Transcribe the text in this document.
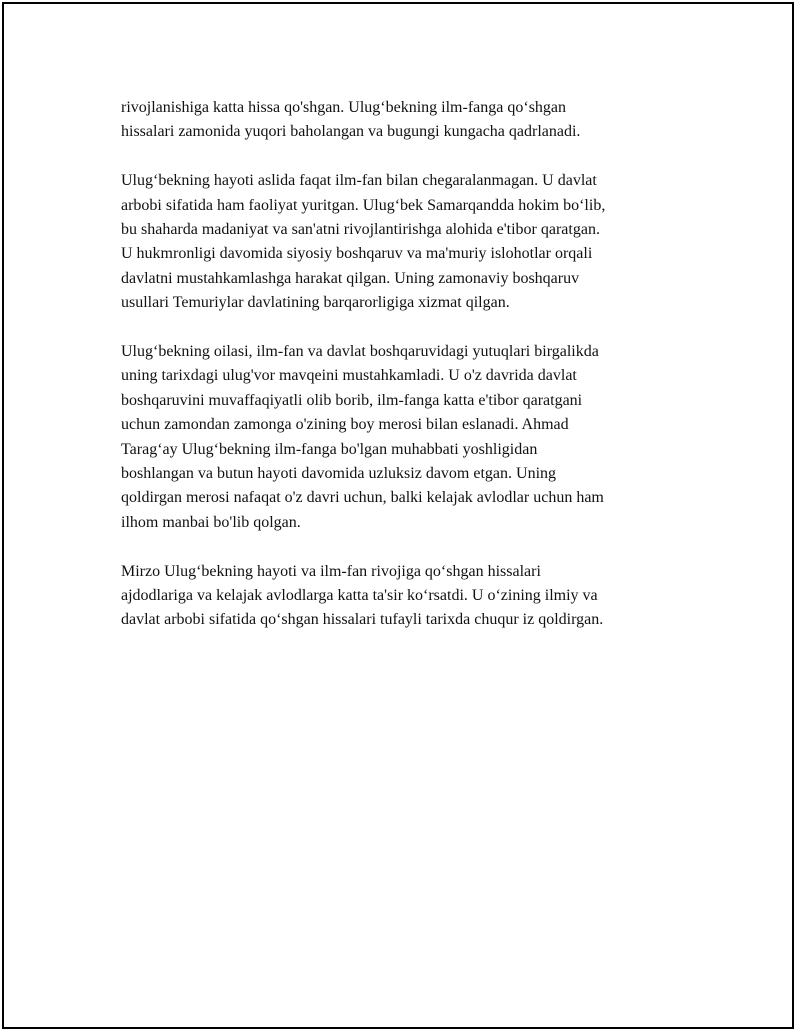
rivojlanishiga katta hissa qo'shgan. Ulug‘bekning ilm-fanga qo‘shgan
hissalari zamonida yuqori baholangan va bugungi kungacha qadrlanadi.

Ulug‘bekning hayoti aslida faqat ilm-fan bilan chegaralanmagan. U davlat
arbobi sifatida ham faoliyat yuritgan. Ulug‘bek Samarqandda hokim bo‘lib,
bu shaharda madaniyat va san'atni rivojlantirishga alohida e'tibor qaratgan.
U hukmronligi davomida siyosiy boshqaruv va ma'muriy islohotlar orqali
davlatni mustahkamlashga harakat qilgan. Uning zamonaviy boshqaruv
usullari Temuriylar davlatining barqarorligiga xizmat qilgan.

Ulug‘bekning oilasi, ilm-fan va davlat boshqaruvidagi yutuqlari birgalikda
uning tarixdagi ulug'vor mavqeini mustahkamladi. U o'z davrida davlat
boshqaruvini muvaffaqiyatli olib borib, ilm-fanga katta e'tibor qaratgani
uchun zamondan zamonga o'zining boy merosi bilan eslanadi. Ahmad
Tarag‘ay Ulug‘bekning ilm-fanga bo'lgan muhabbati yoshligidan
boshlangan va butun hayoti davomida uzluksiz davom etgan. Uning
qoldirgan merosi nafaqat o'z davri uchun, balki kelajak avlodlar uchun ham
ilhom manbai bo'lib qolgan.

Mirzo Ulug‘bekning hayoti va ilm-fan rivojiga qo‘shgan hissalari
ajdodlariga va kelajak avlodlarga katta ta'sir ko‘rsatdi. U o‘zining ilmiy va
davlat arbobi sifatida qo‘shgan hissalari tufayli tarixda chuqur iz qoldirgan.
